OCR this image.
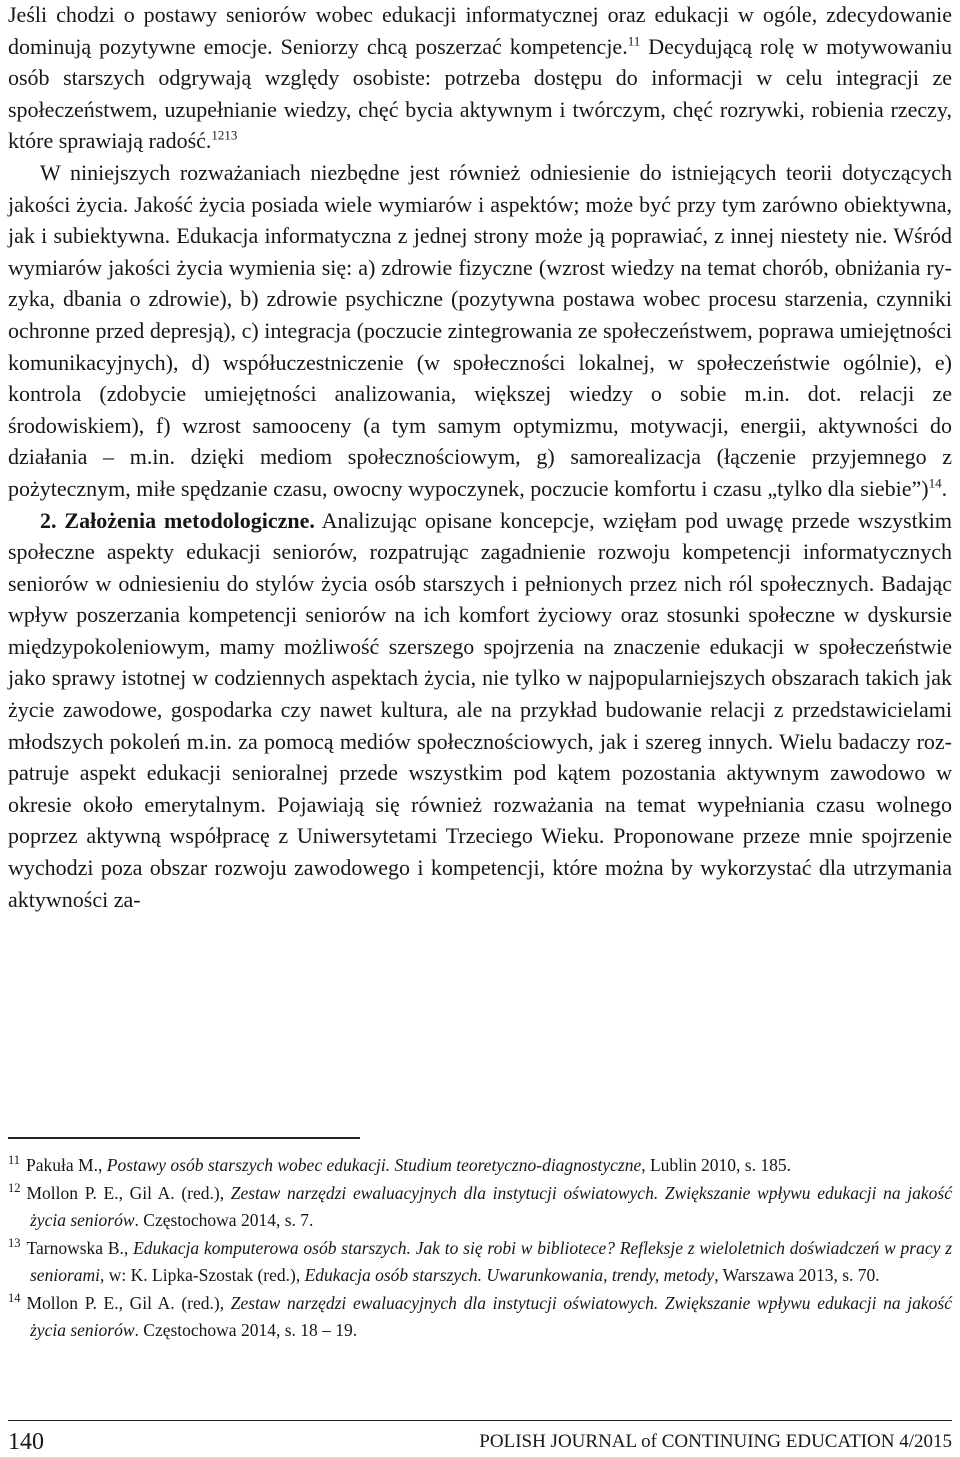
Jeśli chodzi o postawy seniorów wobec edukacji informatycznej oraz edukacji w ogóle, zdecydowanie dominują pozytywne emocje. Seniorzy chcą poszerzać kompetencje.$^{11}$ Decydującą rolę w motywowaniu osób starszych odgrywają względy osobiste: potrzeba dostępu do informacji w celu integracji ze społeczeństwem, uzupełnianie wiedzy, chęć bycia aktywnym i twórczym, chęć rozrywki, robienia rzeczy, które sprawiają radość.$^{1213}$

W niniejszych rozważaniach niezbędne jest również odniesienie do istniejących teorii dotyczących jakości życia. Jakość życia posiada wiele wymiarów i aspektów; może być przy tym zarówno obiektywna, jak i subiektywna. Edukacja informatyczna z jednej strony może ją poprawiać, z innej niestety nie. Wśród wymiarów jakości życia wymienia się: a) zdrowie fizyczne (wzrost wiedzy na temat chorób, obniżania ryzyka, dbania o zdrowie), b) zdrowie psychiczne (pozytywna postawa wobec procesu starzenia, czynniki ochronne przed depresją), c) integracja (poczucie zintegrowania ze społeczeństwem, poprawa umiejętności komunikacyjnych), d) współuczestniczenie (w społeczności lokalnej, w społeczeństwie ogólnie), e) kontrola (zdobycie umiejętności analizowania, większej wiedzy o sobie m.in. dot. relacji ze środowiskiem), f) wzrost samooceny (a tym samym optymizmu, motywacji, energii, aktywności do działania – m.in. dzięki mediom społecznościowym, g) samorealizacja (łączenie przyjemnego z pożytecznym, miłe spędzanie czasu, owocny wypoczynek, poczucie komfortu i czasu „tylko dla siebie”)$^{14}$.

2. Założenia metodologiczne. Analizując opisane koncepcje, wzięłam pod uwagę przede wszystkim społeczne aspekty edukacji seniorów, rozpatrując zagadnienie rozwoju kompetencji informatycznych seniorów w odniesieniu do stylów życia osób starszych i pełnionych przez nich ról społecznych. Badając wpływ poszerzania kompetencji seniorów na ich komfort życiowy oraz stosunki społeczne w dyskursie międzypokoleniowym, mamy możliwość szerszego spojrzenia na znaczenie edukacji w społeczeństwie jako sprawy istotnej w codziennych aspektach życia, nie tylko w najpopularniejszych obszarach takich jak życie zawodowe, gospodarka czy nawet kultura, ale na przykład budowanie relacji z przedstawicielami młodszych pokoleń m.in. za pomocą mediów społecznościowych, jak i szereg innych. Wielu badaczy rozpatruje aspekt edukacji senioralnej przede wszystkim pod kątem pozostania aktywnym zawodowo w okresie około emerytalnym. Pojawiają się również rozważania na temat wypełniania czasu wolnego poprzez aktywną współpracę z Uniwersytetami Trzeciego Wieku. Proponowane przeze mnie spojrzenie wychodzi poza obszar rozwoju zawodowego i kompetencji, które można by wykorzystać dla utrzymania aktywności za-

$^{11}$ Pakuła M., Postawy osób starszych wobec edukacji. Studium teoretyczno-diagnostyczne, Lublin 2010, s. 185.

$^{12}$ Mollon P. E., Gil A. (red.), Zestaw narzędzi ewaluacyjnych dla instytucji oświatowych. Zwiększanie wpływu edukacji na jakość życia seniorów. Częstochowa 2014, s. 7.

$^{13}$ Tarnowska B., Edukacja komputerowa osób starszych. Jak to się robi w bibliotece? Refleksje z wieloletnich doświadczeń w pracy z seniorami, w: K. Lipka-Szostak (red.), Edukacja osób starszych. Uwarunkowania, trendy, metody, Warszawa 2013, s. 70.

$^{14}$ Mollon P. E., Gil A. (red.), Zestaw narzędzi ewaluacyjnych dla instytucji oświatowych. Zwiększanie wpływu edukacji na jakość życia seniorów. Częstochowa 2014, s. 18 – 19.

140	POLISH JOURNAL of CONTINUING EDUCATION 4/2015
